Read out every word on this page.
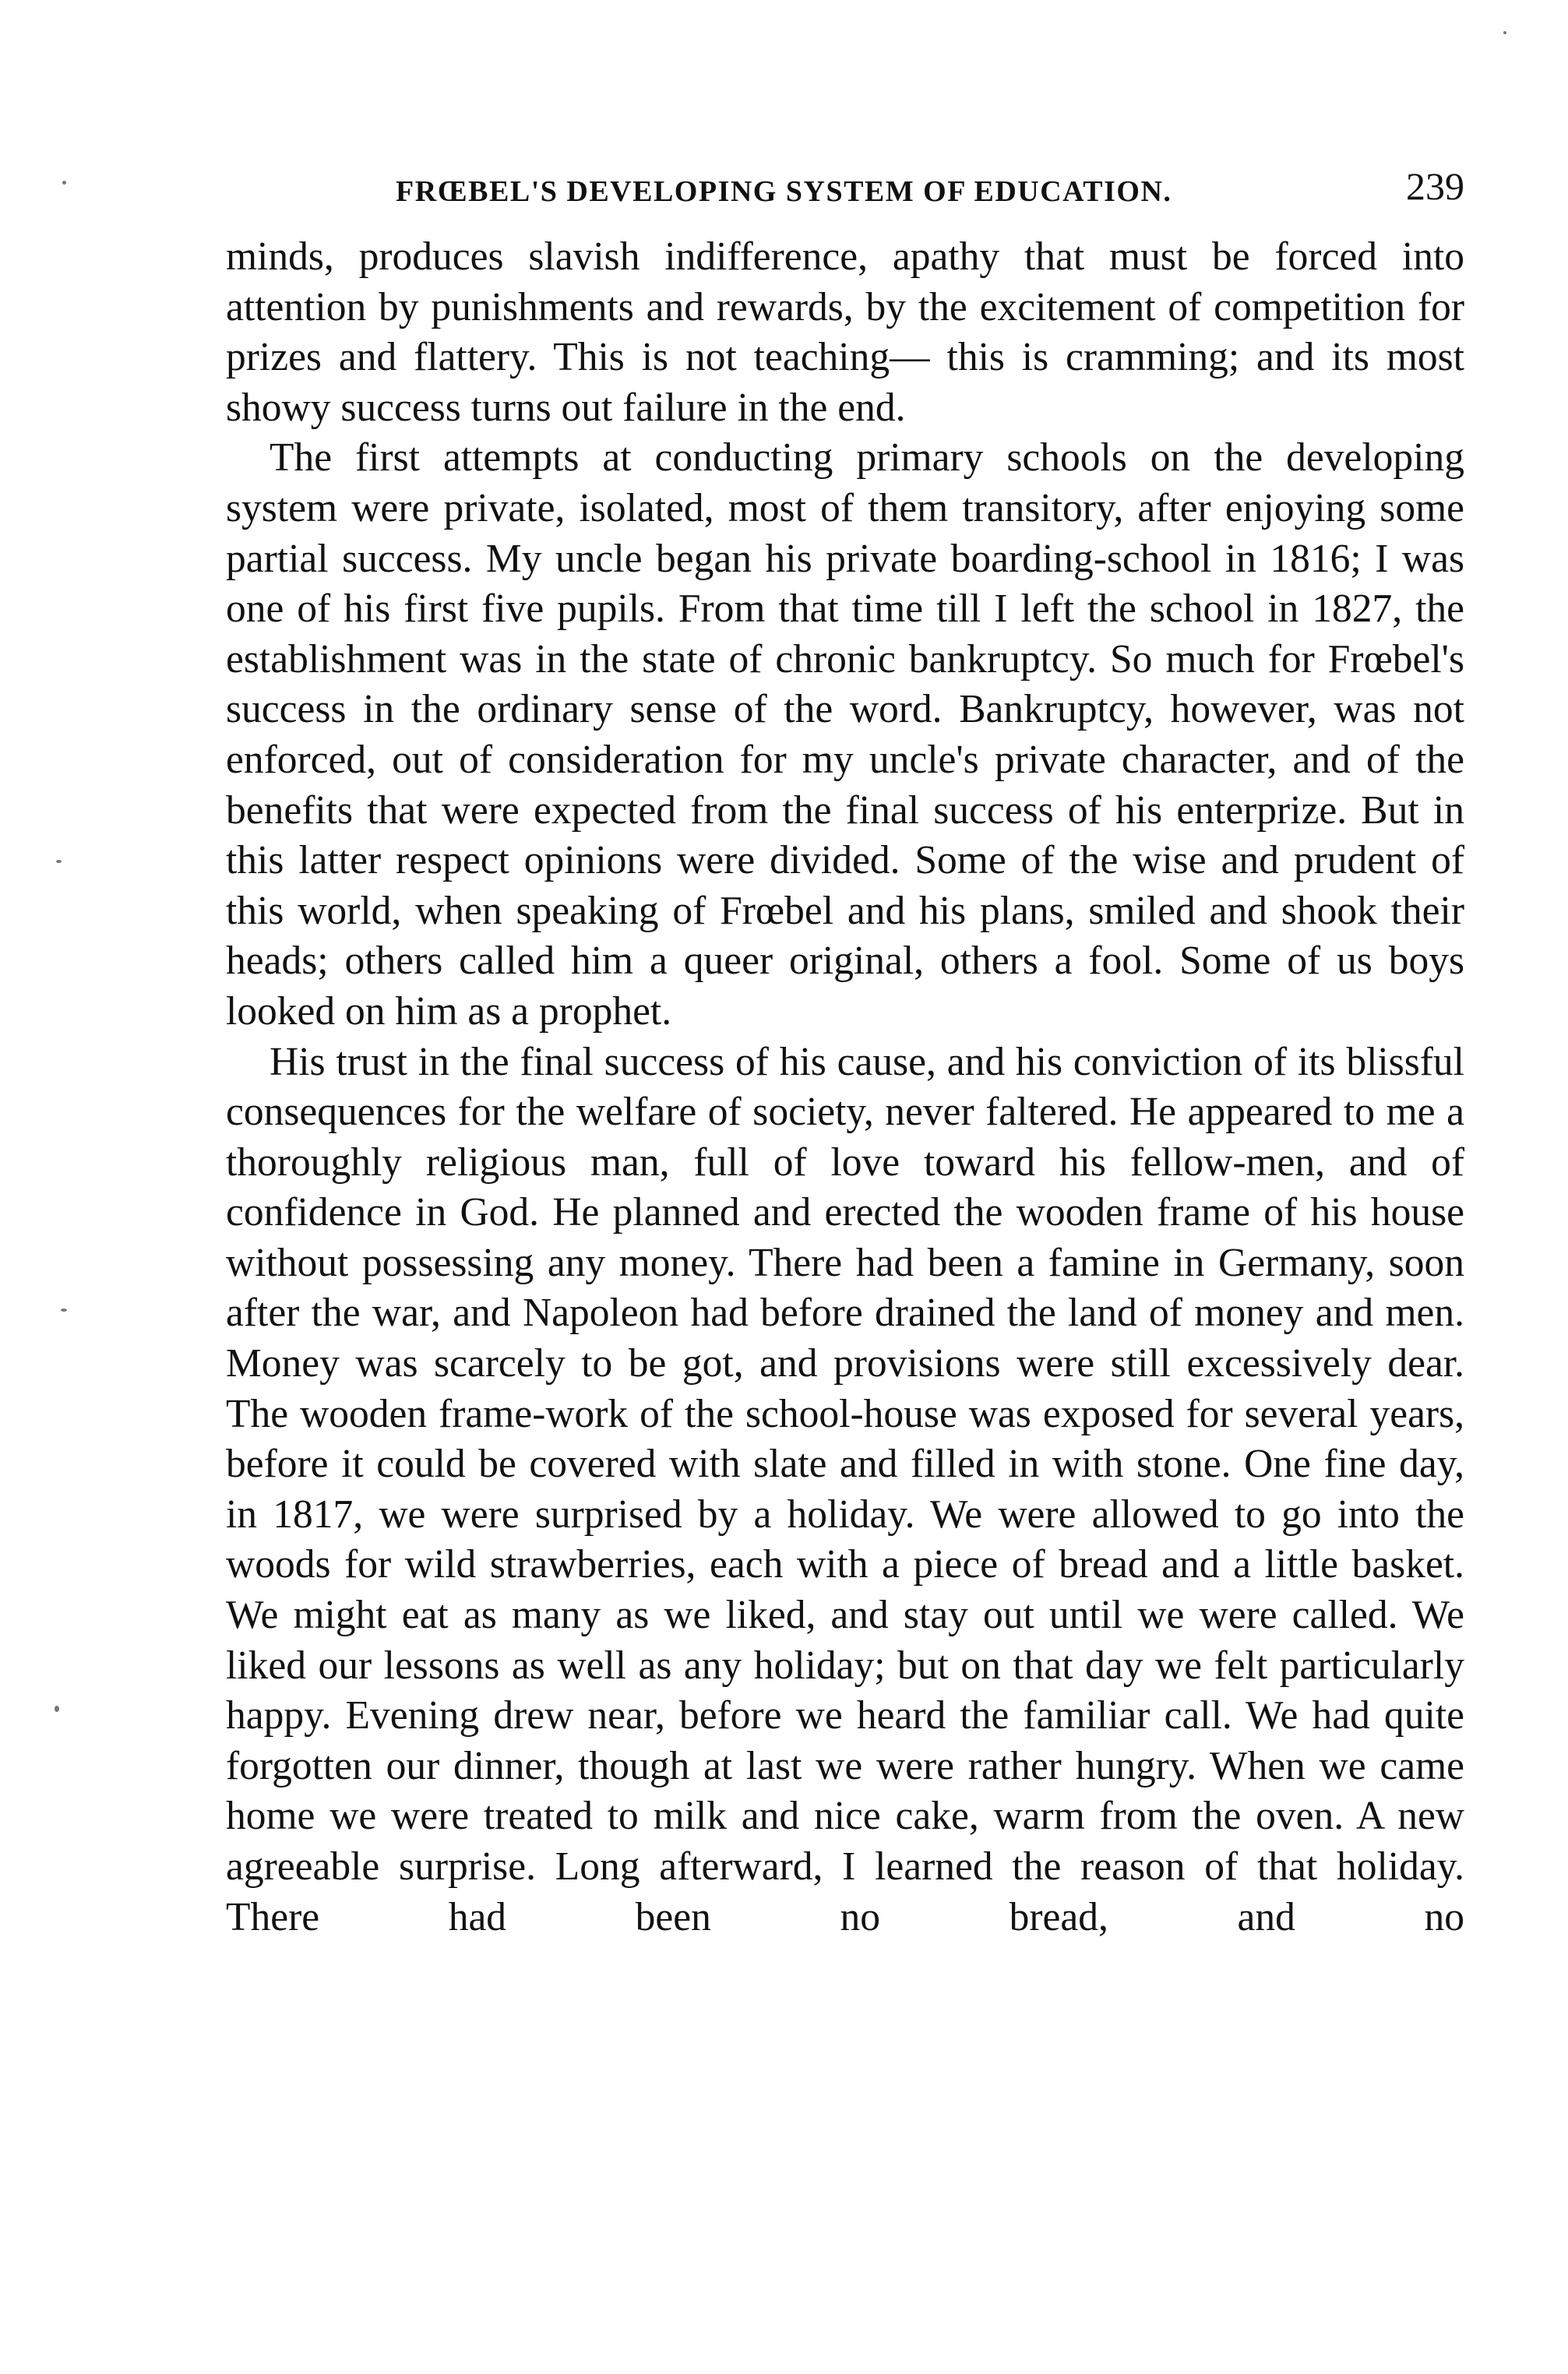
FRŒBEL'S DEVELOPING SYSTEM OF EDUCATION.	239

minds, produces slavish indifference, apathy that must be forced into attention by punishments and rewards, by the excitement of competition for prizes and flattery. This is not teaching— this is cramming; and its most showy success turns out failure in the end.

The first attempts at conducting primary schools on the developing system were private, isolated, most of them transitory, after enjoying some partial success. My uncle began his private boarding-school in 1816; I was one of his first five pupils. From that time till I left the school in 1827, the establishment was in the state of chronic bankruptcy. So much for Frœbel's success in the ordinary sense of the word. Bankruptcy, however, was not enforced, out of consideration for my uncle's private character, and of the benefits that were expected from the final success of his enterprize. But in this latter respect opinions were divided. Some of the wise and prudent of this world, when speaking of Frœbel and his plans, smiled and shook their heads; others called him a queer original, others a fool. Some of us boys looked on him as a prophet.

His trust in the final success of his cause, and his conviction of its blissful consequences for the welfare of society, never faltered. He appeared to me a thoroughly religious man, full of love toward his fellow-men, and of confidence in God. He planned and erected the wooden frame of his house without possessing any money. There had been a famine in Germany, soon after the war, and Napoleon had before drained the land of money and men. Money was scarcely to be got, and provisions were still excessively dear. The wooden frame-work of the school-house was exposed for several years, before it could be covered with slate and filled in with stone. One fine day, in 1817, we were surprised by a holiday. We were allowed to go into the woods for wild strawberries, each with a piece of bread and a little basket. We might eat as many as we liked, and stay out until we were called. We liked our lessons as well as any holiday; but on that day we felt particularly happy. Evening drew near, before we heard the familiar call. We had quite forgotten our dinner, though at last we were rather hungry. When we came home we were treated to milk and nice cake, warm from the oven. A new agreeable surprise. Long afterward, I learned the reason of that holiday. There had been no bread, and no
